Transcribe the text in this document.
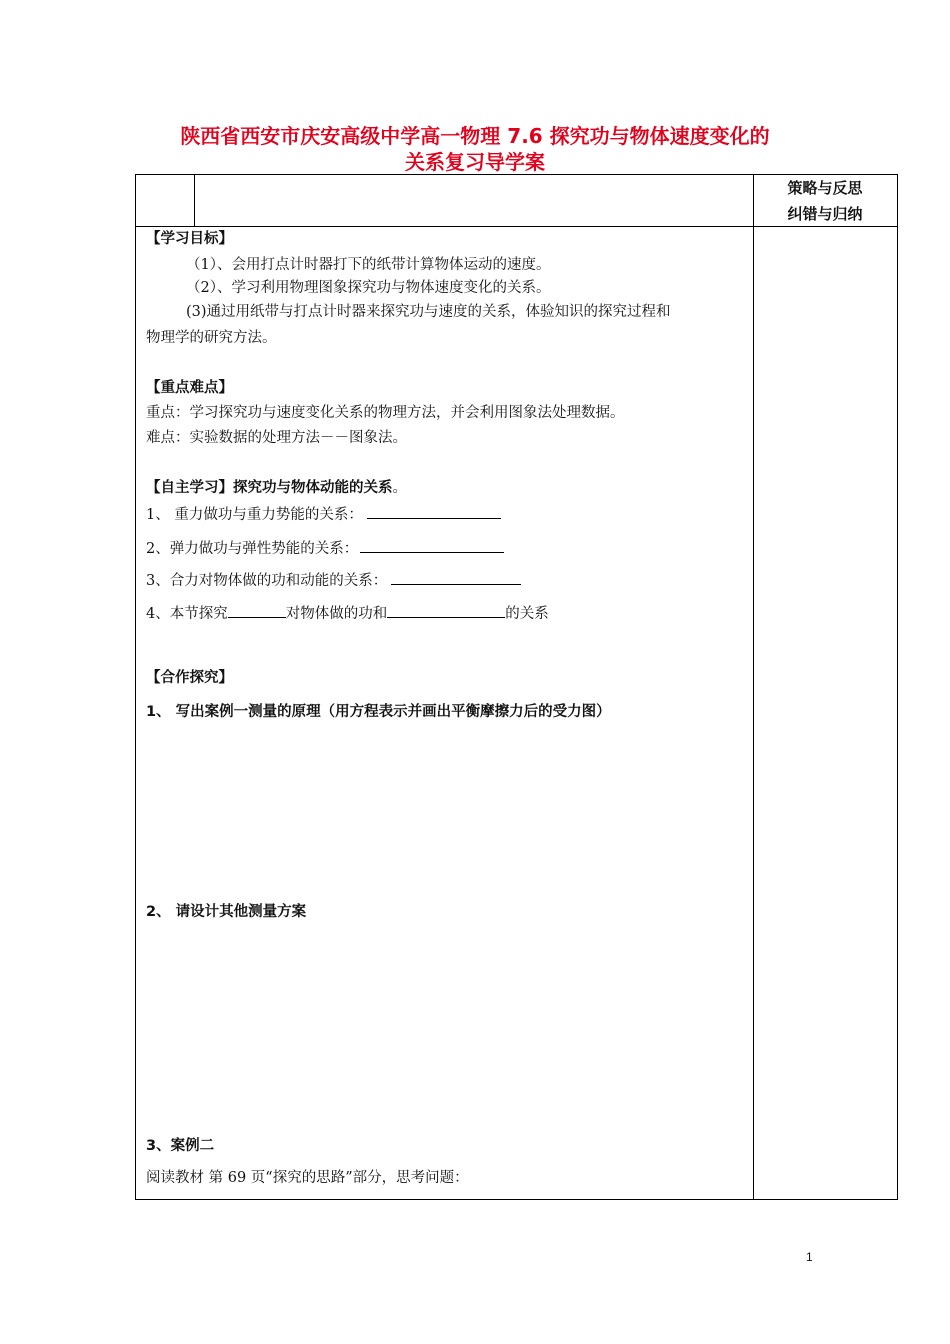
陕西省西安市庆安高级中学高一物理 7.6 探究功与物体速度变化的
关系复习导学案
策略与反思
纠错与归纳
【学习目标】
（1）、会用打点计时器打下的纸带计算物体运动的速度。
（2）、学习利用物理图象探究功与物体速度变化的关系。
(3)通过用纸带与打点计时器来探究功与速度的关系，体验知识的探究过程和
物理学的研究方法。
【重点难点】
重点：学习探究功与速度变化关系的物理方法，并会利用图象法处理数据。
难点：实验数据的处理方法－－图象法。
【自主学习】探究功与物体动能的关系。
1、 重力做功与重力势能的关系：
2、弹力做功与弹性势能的关系：
3、合力对物体做的功和动能的关系：
4、本节探究	对物体做的功和	的关系
【合作探究】
1、 写出案例一测量的原理（用方程表示并画出平衡摩擦力后的受力图）
2、 请设计其他测量方案
3、案例二
阅读教材 第 69 页“探究的思路”部分，思考问题：
1
